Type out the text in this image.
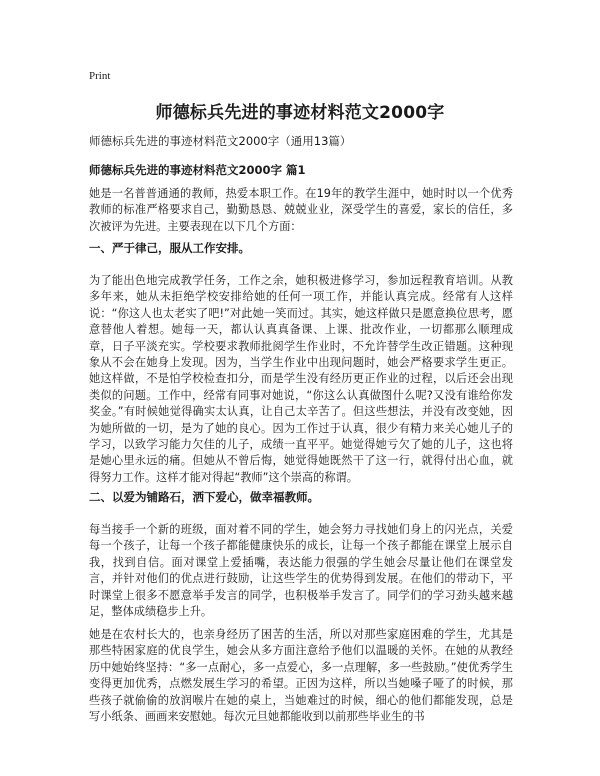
Print
师德标兵先进的事迹材料范文2000字

师德标兵先进的事迹材料范文2000字（通用13篇）

师德标兵先进的事迹材料范文2000字 篇1

她是一名普普通通的教师，热爱本职工作。在19年的教学生涯中，她时时以一个优秀教师的标准严格要求自己，勤勤恳恳、兢兢业业，深受学生的喜爱，家长的信任，多次被评为先进。主要表现在以下几个方面：

一、严于律己，服从工作安排。

为了能出色地完成教学任务，工作之余，她积极进修学习，参加远程教育培训。从教多年来，她从未拒绝学校安排给她的任何一项工作，并能认真完成。经常有人这样说：“你这人也太老实了吧!”对此她一笑而过。其实，她这样做只是愿意换位思考，愿意替他人着想。她每一天，都认认真真备课、上课、批改作业，一切都那么顺理成章，日子平淡充实。学校要求教师批阅学生作业时，不允许替学生改正错题。这种现象从不会在她身上发现。因为，当学生作业中出现问题时，她会严格要求学生更正。她这样做，不是怕学校检查扣分，而是学生没有经历更正作业的过程，以后还会出现类似的问题。工作中，经常有同事对她说，“你这么认真做图什么呢?又没有谁给你发奖金。”有时候她觉得确实太认真，让自己太辛苦了。但这些想法，并没有改变她，因为她所做的一切，是为了她的良心。因为工作过于认真，很少有精力来关心她儿子的学习，以致学习能力欠佳的儿子，成绩一直平平。她觉得她亏欠了她的儿子，这也将是她心里永远的痛。但她从不曾后悔，她觉得她既然干了这一行，就得付出心血，就得努力工作。这样才能对得起“教师”这个崇高的称谓。

二、以爱为铺路石，洒下爱心，做幸福教师。

每当接手一个新的班级，面对着不同的学生，她会努力寻找她们身上的闪光点，关爱每一个孩子，让每一个孩子都能健康快乐的成长，让每一个孩子都能在课堂上展示自我，找到自信。面对课堂上爱插嘴，表达能力很强的学生她会尽量让他们在课堂发言，并针对他们的优点进行鼓励，让这些学生的优势得到发展。在他们的带动下，平时课堂上很多不愿意举手发言的同学，也积极举手发言了。同学们的学习劲头越来越足，整体成绩稳步上升。

她是在农村长大的，也亲身经历了困苦的生活，所以对那些家庭困难的学生，尤其是那些特困家庭的优良学生，她会从多方面注意给予他们以温暖的关怀。在她的从教经历中她始终坚持：“多一点耐心，多一点爱心，多一点理解，多一些鼓励。”使优秀学生变得更加优秀，点燃发展生学习的希望。正因为这样，所以当她嗓子哑了的时候，那些孩子就偷偷的放润喉片在她的桌上，当她难过的时候，细心的他们都能发现，总是写小纸条、画画来安慰她。每次元旦她都能收到以前那些毕业生的书
